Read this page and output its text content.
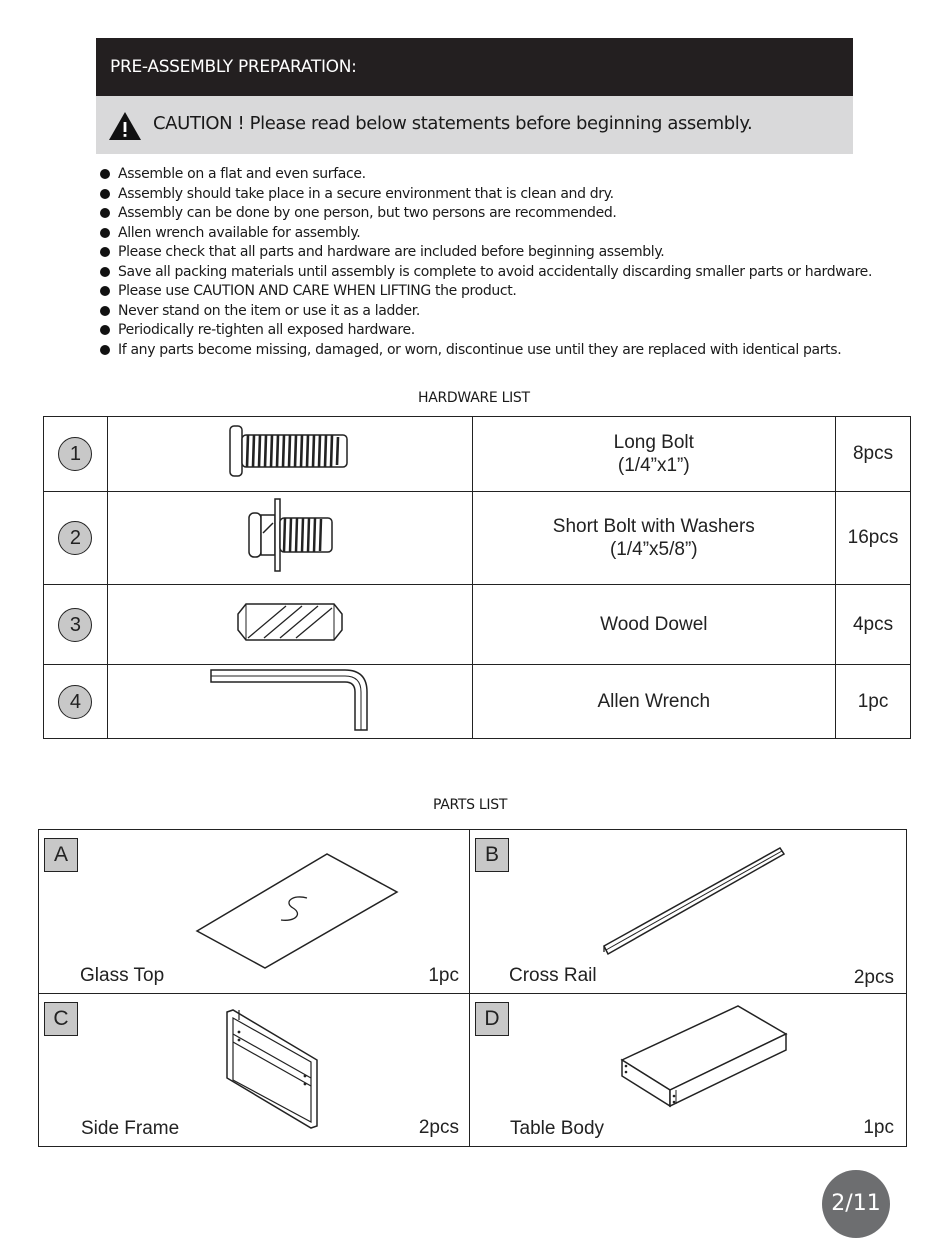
PRE-ASSEMBLY PREPARATION:
CAUTION ! Please read below statements before beginning assembly.
Assemble on a flat and even surface.
Assembly should take place in a secure environment that is clean and dry.
Assembly can be done by one person, but two persons are recommended.
Allen wrench available for assembly.
Please check that all parts and hardware are included before beginning assembly.
Save all packing materials until assembly is complete to avoid accidentally discarding smaller parts or hardware.
Please use CAUTION AND CARE WHEN LIFTING the product.
Never stand on the item or use it as a ladder.
Periodically re-tighten all exposed hardware.
If any parts become missing, damaged, or worn, discontinue use until they are replaced with identical parts.
HARDWARE LIST
1		Long Bolt
(1/4”x1”)	8pcs

2		Short Bolt with Washers
(1/4”x5/8”)	16pcs

3		Wood Dowel	4pcs

4		Allen Wrench	1pc
PARTS LIST
A
Glass Top	1pc
B
Cross Rail	2pcs
C
Side Frame	2pcs
D
Table Body	1pc
2/11
